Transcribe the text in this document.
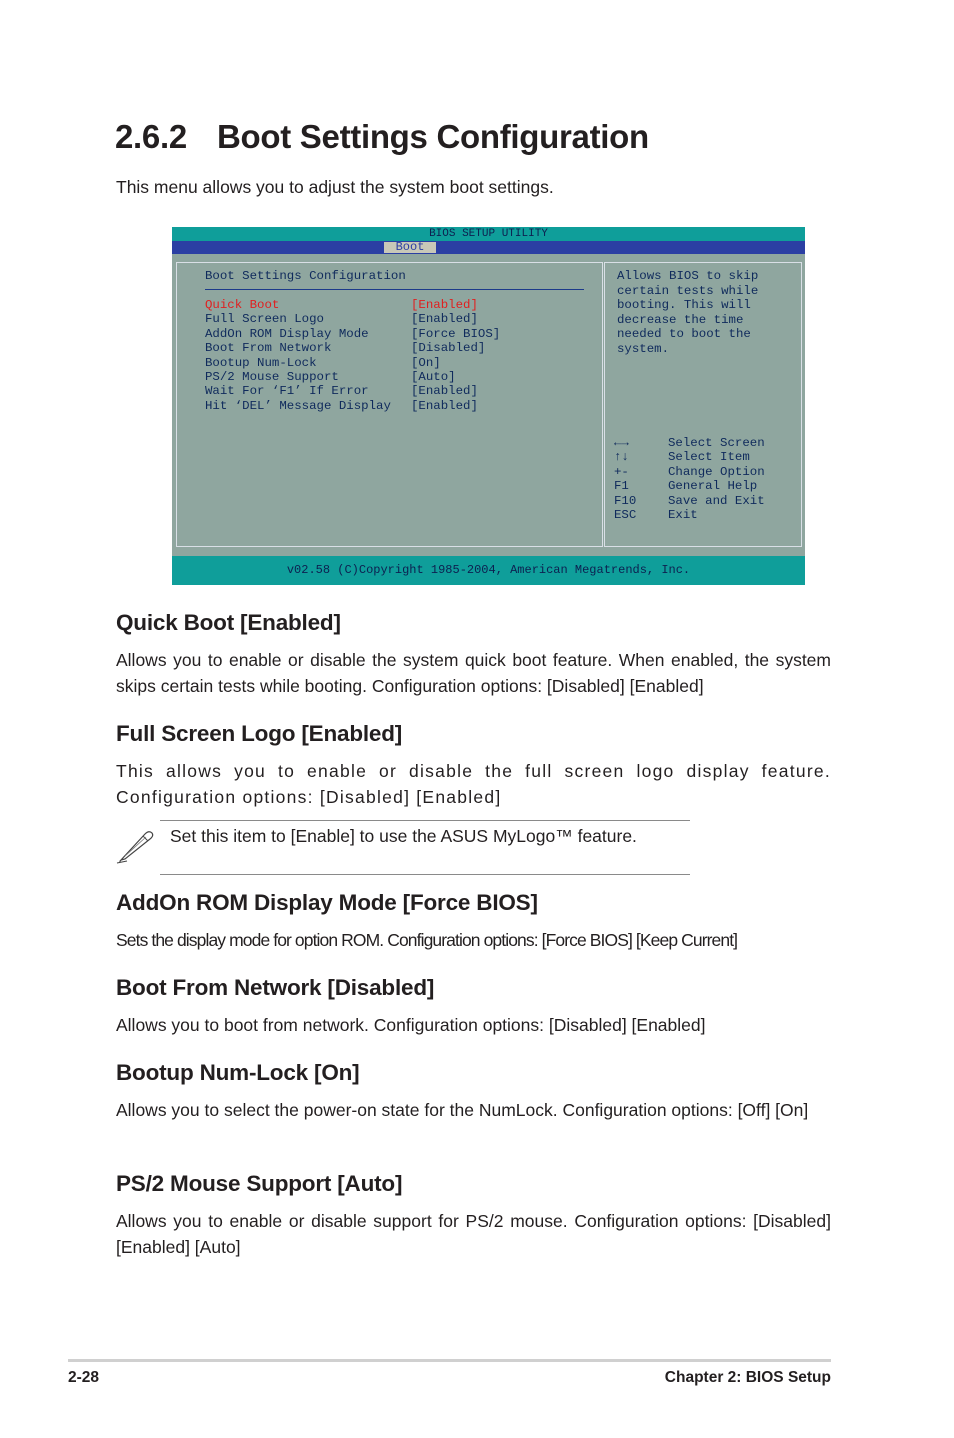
2.6.2 Boot Settings Configuration
This menu allows you to adjust the system boot settings.
BIOS SETUP UTILITY
Boot
Boot Settings Configuration
Quick Boot	[Enabled]
Full Screen Logo	[Enabled]
AddOn ROM Display Mode	[Force BIOS]
Boot From Network	[Disabled]
Bootup Num-Lock	[On]
PS/2 Mouse Support	[Auto]
Wait For ‘F1’ If Error	[Enabled]
Hit ‘DEL’ Message Display [Enabled]
Allows BIOS to skip
certain tests while
booting. This will
decrease the time
needed to boot the
system.
←→	Select Screen
↑↓	Select Item
+-	Change Option
F1	General Help
F10	Save and Exit
ESC	Exit
v02.58 (C)Copyright 1985-2004, American Megatrends, Inc.
Quick Boot [Enabled]

Allows you to enable or disable the system quick boot feature. When enabled, the system skips certain tests while booting. Configuration options: [Disabled] [Enabled]

Full Screen Logo [Enabled]

This allows you to enable or disable the full screen logo display feature. Configuration options: [Disabled] [Enabled]

Set this item to [Enable] to use the ASUS MyLogo™ feature.
AddOn ROM Display Mode [Force BIOS]

Sets the display mode for option ROM. Configuration options: [Force BIOS] [Keep Current]

Boot From Network [Disabled]

Allows you to boot from network. Configuration options: [Disabled] [Enabled]

Bootup Num-Lock [On]

Allows you to select the power-on state for the NumLock. Configuration options: [Off] [On]

PS/2 Mouse Support [Auto]

Allows you to enable or disable support for PS/2 mouse. Configuration options: [Disabled] [Enabled] [Auto]

2-28	Chapter 2: BIOS Setup
